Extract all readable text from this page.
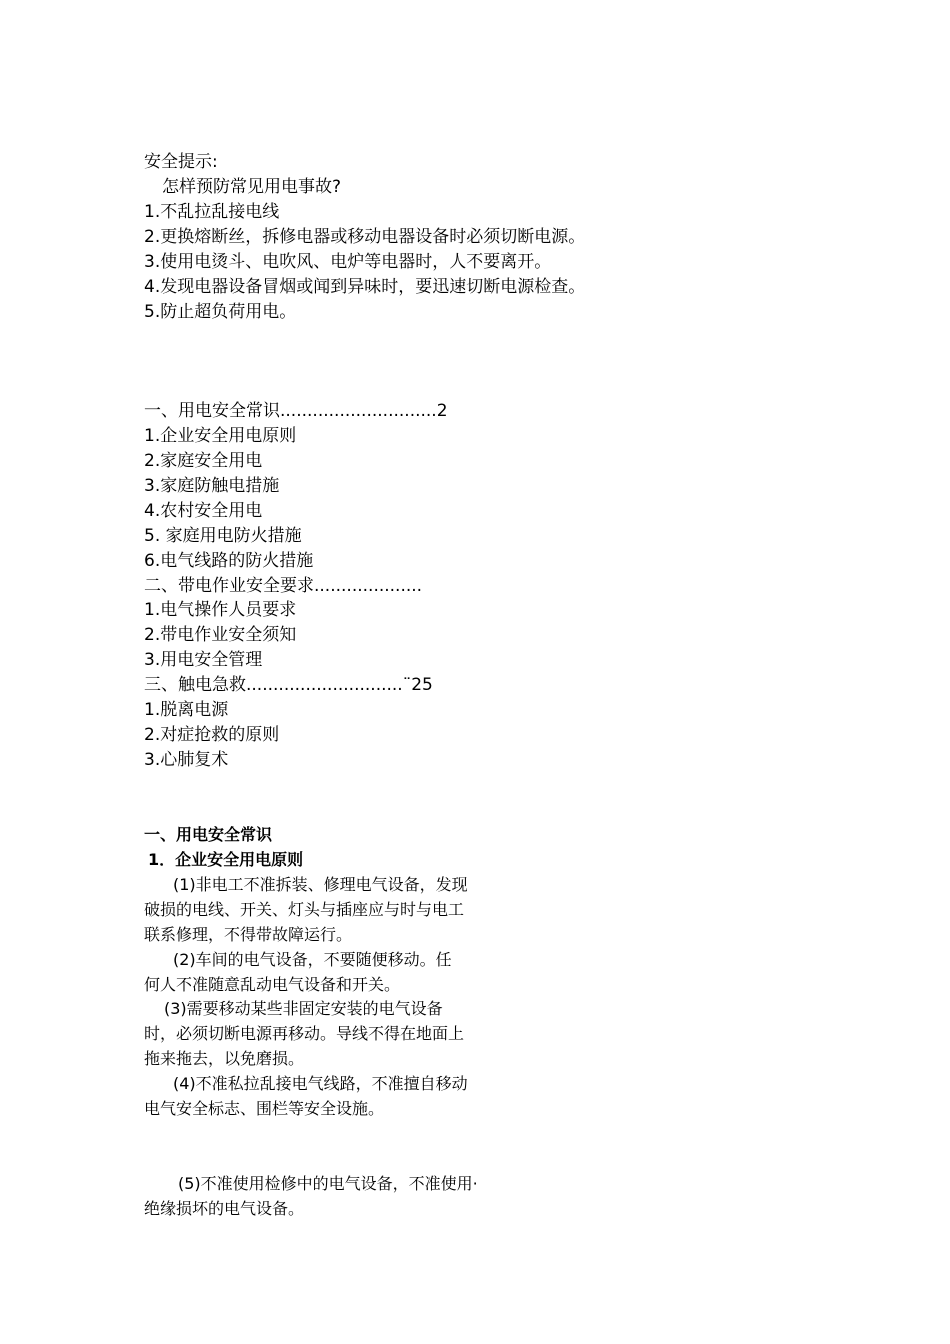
安全提示:
怎样预防常见用电事故?
1.不乱拉乱接电线
2.更换熔断丝，拆修电器或移动电器设备时必须切断电源。
3.使用电烫斗、电吹风、电炉等电器时，人不要离开。
4.发现电器设备冒烟或闻到异味时，要迅速切断电源检查。
5.防止超负荷用电。
一、用电安全常识.............................2
1.企业安全用电原则
2.家庭安全用电
3.家庭防触电措施
4.农村安全用电
5. 家庭用电防火措施
6.电气线路的防火措施
二、带电作业安全要求....................
1.电气操作人员要求
2.带电作业安全须知
3.用电安全管理
三、触电急救.............................¨25
1.脱离电源
2.对症抢救的原则
3.心肺复术
一、用电安全常识
1．企业安全用电原则
(1)非电工不准拆装、修理电气设备，发现
破损的电线、开关、灯头与插座应与时与电工
联系修理，不得带故障运行。
(2)车间的电气设备，不要随便移动。任
何人不准随意乱动电气设备和开关。
(3)需要移动某些非固定安装的电气设备
时，必须切断电源再移动。导线不得在地面上
拖来拖去，以免磨损。
(4)不准私拉乱接电气线路，不准擅自移动
电气安全标志、围栏等安全设施。
(5)不准使用检修中的电气设备，不准使用·
绝缘损坏的电气设备。
